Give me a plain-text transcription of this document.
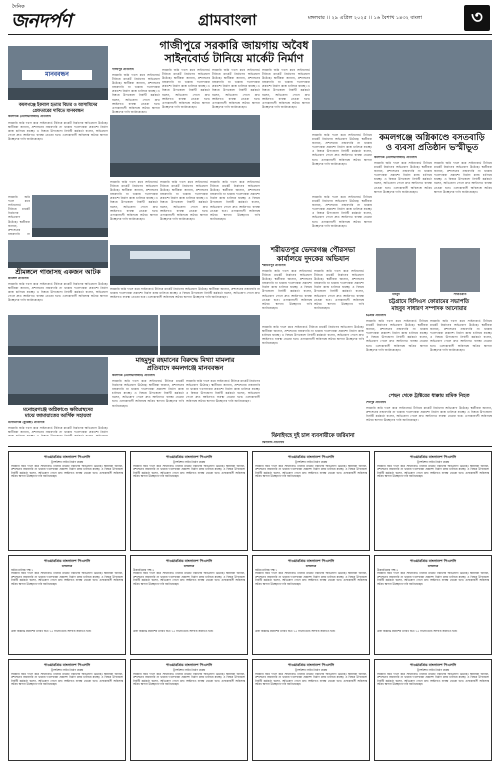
দৈনিক
জনদর্পণ	গ্রামবাংলা	মঙ্গলবার ।। ২৯ এপ্রিল ২০২৫ ।। ১৬ বৈশাখ ১৪৩২ বাংলা	৩
মানববন্ধন
কমলগঞ্জে ইকবাল হত্যার বিচার ও আসামিদের
গ্রেফতারের দাবিতে মানববন্ধন
কমলগঞ্জ (মৌলভীবাজার) প্রতিনিধি
সরকারি জমি দখল করে সাইনবোর্ড টানিয়ে মার্কেট নির্মাণের অভিযোগ উঠেছে। স্থানীয়রা জানান, প্রশাসনের নজরদারি না থাকায় দখলদাররা প্রকাশ্যে নির্মাণ কাজ চালিয়ে যাচ্ছে। এ বিষয়ে উপজেলা নির্বাহী কর্মকর্তা বলেন, অভিযোগ পেলে দ্রুত আইনগত ব্যবস্থা নেওয়া হবে। এলাকাবাসী অবিলম্বে অবৈধ স্থাপনা উচ্ছেদের দাবি জানিয়েছেন।
সরকারি জমি দখল করে সাইনবোর্ড টানিয়ে মার্কেট নির্মাণের অভিযোগ উঠেছে। স্থানীয়রা জানান, প্রশাসনের নজরদারি না
গাজীপুরে সরকারি জায়গায় অবৈধ
সাইনবোর্ড টানিয়ে মার্কেট নির্মাণ
গাজীপুর প্রতিনিধি
সরকারি জমি দখল করে সাইনবোর্ড টানিয়ে মার্কেট নির্মাণের অভিযোগ উঠেছে। স্থানীয়রা জানান, প্রশাসনের নজরদারি না থাকায় দখলদাররা প্রকাশ্যে নির্মাণ কাজ চালিয়ে যাচ্ছে। এ বিষয়ে উপজেলা নির্বাহী কর্মকর্তা বলেন, অভিযোগ পেলে দ্রুত আইনগত ব্যবস্থা নেওয়া হবে। এলাকাবাসী অবিলম্বে অবৈধ স্থাপনা উচ্ছেদের দাবি জানিয়েছেন।
সরকারি জমি দখল করে সাইনবোর্ড টানিয়ে মার্কেট নির্মাণের অভিযোগ উঠেছে। স্থানীয়রা জানান, প্রশাসনের নজরদারি না থাকায় দখলদাররা প্রকাশ্যে নির্মাণ কাজ চালিয়ে যাচ্ছে। এ বিষয়ে উপজেলা নির্বাহী কর্মকর্তা বলেন, অভিযোগ পেলে দ্রুত আইনগত ব্যবস্থা নেওয়া হবে। এলাকাবাসী অবিলম্বে অবৈধ স্থাপনা উচ্ছেদের দাবি জানিয়েছেন।
সরকারি জমি দখল করে সাইনবোর্ড টানিয়ে মার্কেট নির্মাণের অভিযোগ উঠেছে। স্থানীয়রা জানান, প্রশাসনের নজরদারি না থাকায় দখলদাররা প্রকাশ্যে নির্মাণ কাজ চালিয়ে যাচ্ছে। এ বিষয়ে উপজেলা নির্বাহী কর্মকর্তা বলেন, অভিযোগ পেলে দ্রুত আইনগত ব্যবস্থা নেওয়া হবে। এলাকাবাসী অবিলম্বে অবৈধ স্থাপনা উচ্ছেদের দাবি জানিয়েছেন।
সরকারি জমি দখল করে সাইনবোর্ড টানিয়ে মার্কেট নির্মাণের অভিযোগ উঠেছে। স্থানীয়রা জানান, প্রশাসনের নজরদারি না থাকায় দখলদাররা প্রকাশ্যে নির্মাণ কাজ চালিয়ে যাচ্ছে। এ বিষয়ে উপজেলা নির্বাহী কর্মকর্তা বলেন, অভিযোগ পেলে দ্রুত আইনগত ব্যবস্থা নেওয়া হবে। এলাকাবাসী অবিলম্বে অবৈধ স্থাপনা উচ্ছেদের দাবি জানিয়েছেন।
সরকারি জমি দখল করে সাইনবোর্ড টানিয়ে মার্কেট নির্মাণের অভিযোগ উঠেছে। স্থানীয়রা জানান, প্রশাসনের নজরদারি না থাকায় দখলদাররা প্রকাশ্যে নির্মাণ কাজ চালিয়ে যাচ্ছে। এ বিষয়ে উপজেলা নির্বাহী কর্মকর্তা বলেন, অভিযোগ পেলে দ্রুত আইনগত ব্যবস্থা নেওয়া হবে। এলাকাবাসী অবিলম্বে অবৈধ স্থাপনা উচ্ছেদের দাবি জানিয়েছেন।
সরকারি জমি দখল করে সাইনবোর্ড টানিয়ে মার্কেট নির্মাণের অভিযোগ উঠেছে। স্থানীয়রা জানান, প্রশাসনের নজরদারি না থাকায় দখলদাররা প্রকাশ্যে নির্মাণ কাজ চালিয়ে যাচ্ছে। এ বিষয়ে উপজেলা নির্বাহী কর্মকর্তা বলেন, অভিযোগ পেলে দ্রুত আইনগত ব্যবস্থা নেওয়া হবে। এলাকাবাসী অবিলম্বে অবৈধ স্থাপনা উচ্ছেদের দাবি জানিয়েছেন।
সরকারি জমি দখল করে সাইনবোর্ড টানিয়ে মার্কেট নির্মাণের অভিযোগ উঠেছে। স্থানীয়রা জানান, প্রশাসনের নজরদারি না থাকায় দখলদাররা প্রকাশ্যে নির্মাণ কাজ চালিয়ে যাচ্ছে। এ বিষয়ে উপজেলা নির্বাহী কর্মকর্তা বলেন, অভিযোগ পেলে দ্রুত আইনগত ব্যবস্থা নেওয়া হবে। এলাকাবাসী অবিলম্বে অবৈধ স্থাপনা উচ্ছেদের দাবি জানিয়েছেন।
সরকারি জমি দখল করে সাইনবোর্ড টানিয়ে মার্কেট নির্মাণের অভিযোগ উঠেছে। স্থানীয়রা জানান, প্রশাসনের নজরদারি না থাকায় দখলদাররা প্রকাশ্যে নির্মাণ কাজ চালিয়ে যাচ্ছে। এ বিষয়ে উপজেলা নির্বাহী কর্মকর্তা বলেন, অভিযোগ পেলে দ্রুত আইনগত ব্যবস্থা নেওয়া হবে। এলাকাবাসী অবিলম্বে অবৈধ স্থাপনা উচ্ছেদের দাবি জানিয়েছেন।
কমলগঞ্জে অগ্নিকাণ্ডে বসতবাড়ি
ও ব্যবসা প্রতিষ্ঠান ভস্মীভূত
কমলগঞ্জ (মৌলভীবাজার) প্রতিনিধি
সরকারি জমি দখল করে সাইনবোর্ড টানিয়ে মার্কেট নির্মাণের অভিযোগ উঠেছে। স্থানীয়রা জানান, প্রশাসনের নজরদারি না থাকায় দখলদাররা প্রকাশ্যে নির্মাণ কাজ চালিয়ে যাচ্ছে। এ বিষয়ে উপজেলা নির্বাহী কর্মকর্তা বলেন, অভিযোগ পেলে দ্রুত আইনগত ব্যবস্থা নেওয়া হবে। এলাকাবাসী অবিলম্বে অবৈধ স্থাপনা উচ্ছেদের দাবি জানিয়েছেন।
সরকারি জমি দখল করে সাইনবোর্ড টানিয়ে মার্কেট নির্মাণের অভিযোগ উঠেছে। স্থানীয়রা জানান, প্রশাসনের নজরদারি না থাকায় দখলদাররা প্রকাশ্যে নির্মাণ কাজ চালিয়ে যাচ্ছে। এ বিষয়ে উপজেলা নির্বাহী কর্মকর্তা বলেন, অভিযোগ পেলে দ্রুত আইনগত ব্যবস্থা নেওয়া হবে। এলাকাবাসী অবিলম্বে অবৈধ স্থাপনা উচ্ছেদের দাবি জানিয়েছেন।
সরকারি জমি দখল করে সাইনবোর্ড টানিয়ে মার্কেট নির্মাণের অভিযোগ উঠেছে। স্থানীয়রা জানান, প্রশাসনের নজরদারি না থাকায় দখলদাররা প্রকাশ্যে নির্মাণ কাজ চালিয়ে যাচ্ছে। এ বিষয়ে উপজেলা নির্বাহী কর্মকর্তা বলেন, অভিযোগ পেলে দ্রুত আইনগত ব্যবস্থা নেওয়া হবে। এলাকাবাসী অবিলম্বে অবৈধ স্থাপনা উচ্ছেদের দাবি জানিয়েছেন।
শ্রীমঙ্গলে গাজাসহ একজন আটক
শ্রীমঙ্গল প্রতিনিধি
সরকারি জমি দখল করে সাইনবোর্ড টানিয়ে মার্কেট নির্মাণের অভিযোগ উঠেছে। স্থানীয়রা জানান, প্রশাসনের নজরদারি না থাকায় দখলদাররা প্রকাশ্যে নির্মাণ কাজ চালিয়ে যাচ্ছে। এ বিষয়ে উপজেলা নির্বাহী কর্মকর্তা বলেন, অভিযোগ পেলে দ্রুত আইনগত ব্যবস্থা নেওয়া হবে। এলাকাবাসী অবিলম্বে অবৈধ স্থাপনা উচ্ছেদের দাবি জানিয়েছেন।
শরীয়তপুর ভেদরগঞ্জ পৌরসভা
কার্যালয়ে দুদকের অভিযান
শরীয়তপুর প্রতিনিধি
সরকারি জমি দখল করে সাইনবোর্ড টানিয়ে মার্কেট নির্মাণের অভিযোগ উঠেছে। স্থানীয়রা জানান, প্রশাসনের নজরদারি না থাকায় দখলদাররা প্রকাশ্যে নির্মাণ কাজ চালিয়ে যাচ্ছে। এ বিষয়ে উপজেলা নির্বাহী কর্মকর্তা বলেন, অভিযোগ পেলে দ্রুত আইনগত ব্যবস্থা নেওয়া হবে। এলাকাবাসী অবিলম্বে অবৈধ স্থাপনা উচ্ছেদের দাবি জানিয়েছেন।
সরকারি জমি দখল করে সাইনবোর্ড টানিয়ে মার্কেট নির্মাণের অভিযোগ উঠেছে। স্থানীয়রা জানান, প্রশাসনের নজরদারি না থাকায় দখলদাররা প্রকাশ্যে নির্মাণ কাজ চালিয়ে যাচ্ছে। এ বিষয়ে উপজেলা নির্বাহী কর্মকর্তা বলেন, অভিযোগ পেলে দ্রুত আইনগত ব্যবস্থা নেওয়া হবে। এলাকাবাসী অবিলম্বে অবৈধ স্থাপনা উচ্ছেদের দাবি জানিয়েছেন।
মাহবুব	সাখাওয়াত
চট্টগ্রামে বিসিএস ফোরামের সভাপতি
মাহবুব সাধারণ সম্পাদক আনোয়ার
চট্টগ্রাম প্রতিনিধি
সরকারি জমি দখল করে সাইনবোর্ড টানিয়ে মার্কেট নির্মাণের অভিযোগ উঠেছে। স্থানীয়রা জানান, প্রশাসনের নজরদারি না থাকায় দখলদাররা প্রকাশ্যে নির্মাণ কাজ চালিয়ে যাচ্ছে। এ বিষয়ে উপজেলা নির্বাহী কর্মকর্তা বলেন, অভিযোগ পেলে দ্রুত আইনগত ব্যবস্থা নেওয়া হবে। এলাকাবাসী অবিলম্বে অবৈধ স্থাপনা উচ্ছেদের দাবি জানিয়েছেন।
সরকারি জমি দখল করে সাইনবোর্ড টানিয়ে মার্কেট নির্মাণের অভিযোগ উঠেছে। স্থানীয়রা জানান, প্রশাসনের নজরদারি না থাকায় দখলদাররা প্রকাশ্যে নির্মাণ কাজ চালিয়ে যাচ্ছে। এ বিষয়ে উপজেলা নির্বাহী কর্মকর্তা বলেন, অভিযোগ পেলে দ্রুত আইনগত ব্যবস্থা নেওয়া হবে। এলাকাবাসী অবিলম্বে অবৈধ স্থাপনা উচ্ছেদের দাবি জানিয়েছেন।
সরকারি জমি দখল করে সাইনবোর্ড টানিয়ে মার্কেট নির্মাণের অভিযোগ উঠেছে। স্থানীয়রা জানান, প্রশাসনের নজরদারি না থাকায় দখলদাররা প্রকাশ্যে নির্মাণ কাজ চালিয়ে যাচ্ছে। এ বিষয়ে উপজেলা নির্বাহী কর্মকর্তা বলেন, অভিযোগ পেলে দ্রুত আইনগত ব্যবস্থা নেওয়া হবে। এলাকাবাসী অবিলম্বে অবৈধ স্থাপনা উচ্ছেদের দাবি জানিয়েছেন।
মাহমুদুর রহমানের বিরুদ্ধে মিথ্যা মামলার
প্রতিবাদে কমলগঞ্জে মানববন্ধন
কমলগঞ্জ (মৌলভীবাজার) প্রতিনিধি
সরকারি জমি দখল করে সাইনবোর্ড টানিয়ে মার্কেট নির্মাণের অভিযোগ উঠেছে। স্থানীয়রা জানান, প্রশাসনের নজরদারি না থাকায় দখলদাররা প্রকাশ্যে নির্মাণ কাজ চালিয়ে যাচ্ছে। এ বিষয়ে উপজেলা নির্বাহী কর্মকর্তা বলেন, অভিযোগ পেলে দ্রুত আইনগত ব্যবস্থা নেওয়া হবে। এলাকাবাসী অবিলম্বে অবৈধ স্থাপনা উচ্ছেদের দাবি জানিয়েছেন।
সরকারি জমি দখল করে সাইনবোর্ড টানিয়ে মার্কেট নির্মাণের অভিযোগ উঠেছে। স্থানীয়রা জানান, প্রশাসনের নজরদারি না থাকায় দখলদাররা প্রকাশ্যে নির্মাণ কাজ চালিয়ে যাচ্ছে। এ বিষয়ে উপজেলা নির্বাহী কর্মকর্তা বলেন, অভিযোগ পেলে দ্রুত আইনগত ব্যবস্থা নেওয়া হবে। এলাকাবাসী অবিলম্বে অবৈধ স্থাপনা উচ্ছেদের দাবি জানিয়েছেন।
সরকারি জমি দখল করে সাইনবোর্ড টানিয়ে মার্কেট নির্মাণের অভিযোগ উঠেছে। স্থানীয়রা জানান, প্রশাসনের নজরদারি না থাকায় দখলদাররা প্রকাশ্যে নির্মাণ কাজ চালিয়ে যাচ্ছে। এ বিষয়ে উপজেলা নির্বাহী কর্মকর্তা বলেন, অভিযোগ পেলে দ্রুত আইনগত ব্যবস্থা নেওয়া হবে। এলাকাবাসী অবিলম্বে অবৈধ স্থাপনা উচ্ছেদের দাবি জানিয়েছেন।
মনোহরগঞ্জে অগ্নিকাণ্ডে ক্ষতিগ্রস্থদের
মাঝে জামায়াতের আর্থিক সহায়তা
মনোহরগঞ্জ (কুমিল্লা) প্রতিনিধি
সরকারি জমি দখল করে সাইনবোর্ড টানিয়ে মার্কেট নির্মাণের অভিযোগ উঠেছে। স্থানীয়রা জানান, প্রশাসনের নজরদারি না থাকায় দখলদাররা প্রকাশ্যে নির্মাণ
ঝিনাইদহে দুই চাল ব্যবসায়ীকে জরিমানা
ঝিনাইদহ প্রতিনিধি
পেছন থেকে ট্রাক্টরের ধাক্কায় শ্রমিক নিহত
শেরপুর প্রতিনিধি
সরকারি জমি দখল করে সাইনবোর্ড টানিয়ে মার্কেট নির্মাণের অভিযোগ উঠেছে। স্থানীয়রা জানান, প্রশাসনের নজরদারি না থাকায় দখলদাররা প্রকাশ্যে নির্মাণ কাজ চালিয়ে যাচ্ছে। এ বিষয়ে উপজেলা নির্বাহী কর্মকর্তা বলেন, অভিযোগ পেলে দ্রুত আইনগত ব্যবস্থা নেওয়া হবে। এলাকাবাসী অবিলম্বে অবৈধ স্থাপনা উচ্ছেদের দাবি জানিয়েছেন।
পাওয়ারগ্রিড বাংলাদেশ পিএলসি
ট্রান্সমিশন লাইন নির্মাণ প্রকল্প
সরকারি জমি দখল করে সাইনবোর্ড টানিয়ে মার্কেট নির্মাণের অভিযোগ উঠেছে। স্থানীয়রা জানান, প্রশাসনের নজরদারি না থাকায় দখলদাররা প্রকাশ্যে নির্মাণ কাজ চালিয়ে যাচ্ছে। এ বিষয়ে উপজেলা নির্বাহী কর্মকর্তা বলেন, অভিযোগ পেলে দ্রুত আইনগত ব্যবস্থা নেওয়া হবে। এলাকাবাসী অবিলম্বে অবৈধ স্থাপনা উচ্ছেদের দাবি জানিয়েছেন।
পাওয়ারগ্রিড বাংলাদেশ পিএলসি
ট্রান্সমিশন লাইন নির্মাণ প্রকল্প
সরকারি জমি দখল করে সাইনবোর্ড টানিয়ে মার্কেট নির্মাণের অভিযোগ উঠেছে। স্থানীয়রা জানান, প্রশাসনের নজরদারি না থাকায় দখলদাররা প্রকাশ্যে নির্মাণ কাজ চালিয়ে যাচ্ছে। এ বিষয়ে উপজেলা নির্বাহী কর্মকর্তা বলেন, অভিযোগ পেলে দ্রুত আইনগত ব্যবস্থা নেওয়া হবে। এলাকাবাসী অবিলম্বে অবৈধ স্থাপনা উচ্ছেদের দাবি জানিয়েছেন।
পাওয়ারগ্রিড বাংলাদেশ পিএলসি
ট্রান্সমিশন লাইন নির্মাণ প্রকল্প
সরকারি জমি দখল করে সাইনবোর্ড টানিয়ে মার্কেট নির্মাণের অভিযোগ উঠেছে। স্থানীয়রা জানান, প্রশাসনের নজরদারি না থাকায় দখলদাররা প্রকাশ্যে নির্মাণ কাজ চালিয়ে যাচ্ছে। এ বিষয়ে উপজেলা নির্বাহী কর্মকর্তা বলেন, অভিযোগ পেলে দ্রুত আইনগত ব্যবস্থা নেওয়া হবে। এলাকাবাসী অবিলম্বে অবৈধ স্থাপনা উচ্ছেদের দাবি জানিয়েছেন।
পাওয়ারগ্রিড বাংলাদেশ পিএলসি
ট্রান্সমিশন লাইন নির্মাণ প্রকল্প
সরকারি জমি দখল করে সাইনবোর্ড টানিয়ে মার্কেট নির্মাণের অভিযোগ উঠেছে। স্থানীয়রা জানান, প্রশাসনের নজরদারি না থাকায় দখলদাররা প্রকাশ্যে নির্মাণ কাজ চালিয়ে যাচ্ছে। এ বিষয়ে উপজেলা নির্বাহী কর্মকর্তা বলেন, অভিযোগ পেলে দ্রুত আইনগত ব্যবস্থা নেওয়া হবে। এলাকাবাসী অবিলম্বে অবৈধ স্থাপনা উচ্ছেদের দাবি জানিয়েছেন।
পাওয়ারগ্রিড বাংলাদেশ পিএলসি
হলফনামা
জমির মালিক পক্ষ ১
সরকারি জমি দখল করে সাইনবোর্ড টানিয়ে মার্কেট নির্মাণের অভিযোগ উঠেছে। স্থানীয়রা জানান, প্রশাসনের নজরদারি না থাকায় দখলদাররা প্রকাশ্যে নির্মাণ কাজ চালিয়ে যাচ্ছে। এ বিষয়ে উপজেলা নির্বাহী কর্মকর্তা বলেন, অভিযোগ পেলে দ্রুত আইনগত ব্যবস্থা নেওয়া হবে। এলাকাবাসী অবিলম্বে অবৈধ স্থাপনা উচ্ছেদের দাবি জানিয়েছেন।
উক্ত বিজ্ঞপ্তি প্রকাশের তারিখ হতে ১৫ দিনের মধ্যে আপত্তি জানাতে হবে।
পাওয়ারগ্রিড বাংলাদেশ পিএলসি
হলফনামা
উত্তরাধিকার পক্ষ ২
সরকারি জমি দখল করে সাইনবোর্ড টানিয়ে মার্কেট নির্মাণের অভিযোগ উঠেছে। স্থানীয়রা জানান, প্রশাসনের নজরদারি না থাকায় দখলদাররা প্রকাশ্যে নির্মাণ কাজ চালিয়ে যাচ্ছে। এ বিষয়ে উপজেলা নির্বাহী কর্মকর্তা বলেন, অভিযোগ পেলে দ্রুত আইনগত ব্যবস্থা নেওয়া হবে। এলাকাবাসী অবিলম্বে অবৈধ স্থাপনা উচ্ছেদের দাবি জানিয়েছেন।
উক্ত বিজ্ঞপ্তি প্রকাশের তারিখ হতে ১৫ দিনের মধ্যে আপত্তি জানাতে হবে।
পাওয়ারগ্রিড বাংলাদেশ পিএলসি
হলফনামা
জমির মালিক পক্ষ ১
সরকারি জমি দখল করে সাইনবোর্ড টানিয়ে মার্কেট নির্মাণের অভিযোগ উঠেছে। স্থানীয়রা জানান, প্রশাসনের নজরদারি না থাকায় দখলদাররা প্রকাশ্যে নির্মাণ কাজ চালিয়ে যাচ্ছে। এ বিষয়ে উপজেলা নির্বাহী কর্মকর্তা বলেন, অভিযোগ পেলে দ্রুত আইনগত ব্যবস্থা নেওয়া হবে। এলাকাবাসী অবিলম্বে অবৈধ স্থাপনা উচ্ছেদের দাবি জানিয়েছেন।
উক্ত বিজ্ঞপ্তি প্রকাশের তারিখ হতে ১৫ দিনের মধ্যে আপত্তি জানাতে হবে।
পাওয়ারগ্রিড বাংলাদেশ পিএলসি
হলফনামা
উত্তরাধিকার পক্ষ ২
সরকারি জমি দখল করে সাইনবোর্ড টানিয়ে মার্কেট নির্মাণের অভিযোগ উঠেছে। স্থানীয়রা জানান, প্রশাসনের নজরদারি না থাকায় দখলদাররা প্রকাশ্যে নির্মাণ কাজ চালিয়ে যাচ্ছে। এ বিষয়ে উপজেলা নির্বাহী কর্মকর্তা বলেন, অভিযোগ পেলে দ্রুত আইনগত ব্যবস্থা নেওয়া হবে। এলাকাবাসী অবিলম্বে অবৈধ স্থাপনা উচ্ছেদের দাবি জানিয়েছেন।
উক্ত বিজ্ঞপ্তি প্রকাশের তারিখ হতে ১৫ দিনের মধ্যে আপত্তি জানাতে হবে।
পাওয়ারগ্রিড বাংলাদেশ পিএলসি
ট্রান্সমিশন লাইন নির্মাণ প্রকল্প
সরকারি জমি দখল করে সাইনবোর্ড টানিয়ে মার্কেট নির্মাণের অভিযোগ উঠেছে। স্থানীয়রা জানান, প্রশাসনের নজরদারি না থাকায় দখলদাররা প্রকাশ্যে নির্মাণ কাজ চালিয়ে যাচ্ছে। এ বিষয়ে উপজেলা নির্বাহী কর্মকর্তা বলেন, অভিযোগ পেলে দ্রুত আইনগত ব্যবস্থা নেওয়া হবে। এলাকাবাসী অবিলম্বে অবৈধ স্থাপনা উচ্ছেদের দাবি জানিয়েছেন।
পাওয়ারগ্রিড বাংলাদেশ পিএলসি
ট্রান্সমিশন লাইন নির্মাণ প্রকল্প
সরকারি জমি দখল করে সাইনবোর্ড টানিয়ে মার্কেট নির্মাণের অভিযোগ উঠেছে। স্থানীয়রা জানান, প্রশাসনের নজরদারি না থাকায় দখলদাররা প্রকাশ্যে নির্মাণ কাজ চালিয়ে যাচ্ছে। এ বিষয়ে উপজেলা নির্বাহী কর্মকর্তা বলেন, অভিযোগ পেলে দ্রুত আইনগত ব্যবস্থা নেওয়া হবে। এলাকাবাসী অবিলম্বে অবৈধ স্থাপনা উচ্ছেদের দাবি জানিয়েছেন।
পাওয়ারগ্রিড বাংলাদেশ পিএলসি
ট্রান্সমিশন লাইন নির্মাণ প্রকল্প
সরকারি জমি দখল করে সাইনবোর্ড টানিয়ে মার্কেট নির্মাণের অভিযোগ উঠেছে। স্থানীয়রা জানান, প্রশাসনের নজরদারি না থাকায় দখলদাররা প্রকাশ্যে নির্মাণ কাজ চালিয়ে যাচ্ছে। এ বিষয়ে উপজেলা নির্বাহী কর্মকর্তা বলেন, অভিযোগ পেলে দ্রুত আইনগত ব্যবস্থা নেওয়া হবে। এলাকাবাসী অবিলম্বে অবৈধ স্থাপনা উচ্ছেদের দাবি জানিয়েছেন।
পাওয়ারগ্রিড বাংলাদেশ পিএলসি
ট্রান্সমিশন লাইন নির্মাণ প্রকল্প
সরকারি জমি দখল করে সাইনবোর্ড টানিয়ে মার্কেট নির্মাণের অভিযোগ উঠেছে। স্থানীয়রা জানান, প্রশাসনের নজরদারি না থাকায় দখলদাররা প্রকাশ্যে নির্মাণ কাজ চালিয়ে যাচ্ছে। এ বিষয়ে উপজেলা নির্বাহী কর্মকর্তা বলেন, অভিযোগ পেলে দ্রুত আইনগত ব্যবস্থা নেওয়া হবে। এলাকাবাসী অবিলম্বে অবৈধ স্থাপনা উচ্ছেদের দাবি জানিয়েছেন।
